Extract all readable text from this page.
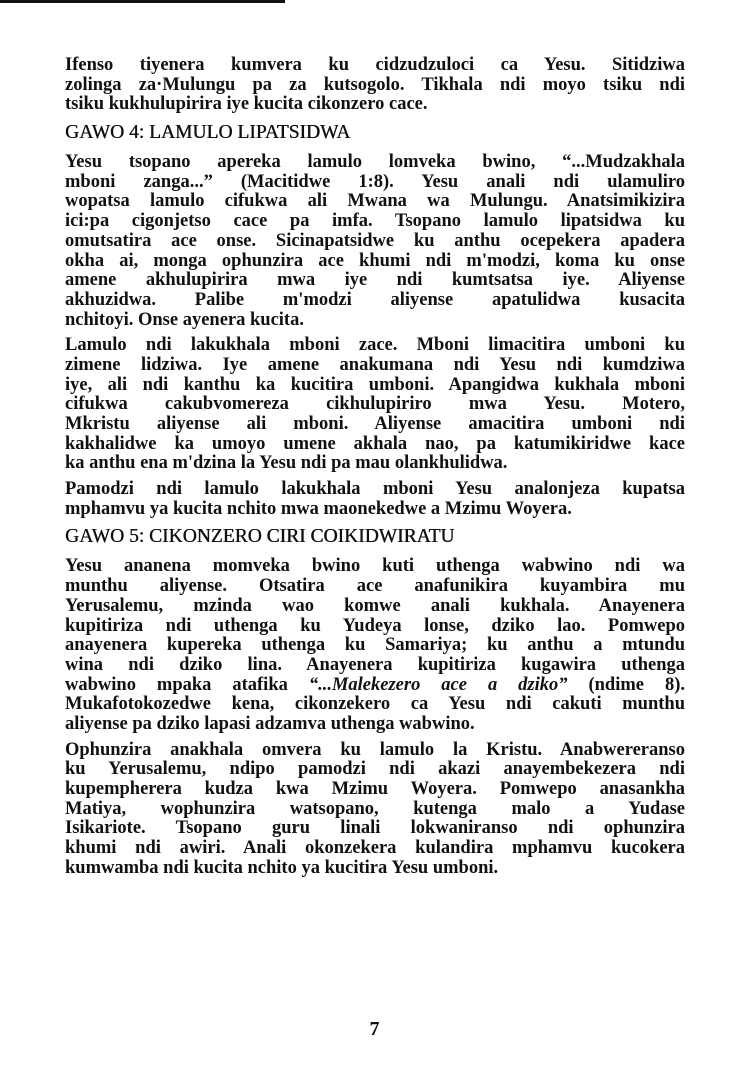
Ifenso tiyenera kumvera ku cidzudzuloci ca Yesu. Sitidziwa
zolinga za·Mulungu pa za kutsogolo. Tikhala ndi moyo tsiku ndi
tsiku kukhulupirira iye kucita cikonzero cace.
GAWO 4: LAMULO LIPATSIDWA
Yesu tsopano apereka lamulo lomveka bwino, “...Mudzakhala
mboni zanga...” (Macitidwe 1:8). Yesu anali ndi ulamuliro
wopatsa lamulo cifukwa ali Mwana wa Mulungu. Anatsimikizira
ici:pa cigonjetso cace pa imfa. Tsopano lamulo lipatsidwa ku
omutsatira ace onse. Sicinapatsidwe ku anthu ocepekera apadera
okha ai, monga ophunzira ace khumi ndi m'modzi, koma ku onse
amene akhulupirira mwa iye ndi kumtsatsa iye. Aliyense
akhuzidwa. Palibe m'modzi aliyense apatulidwa kusacita
nchitoyi. Onse ayenera kucita.
Lamulo ndi lakukhala mboni zace. Mboni limacitira umboni ku
zimene lidziwa. Iye amene anakumana ndi Yesu ndi kumdziwa
iye, ali ndi kanthu ka kucitira umboni. Apangidwa kukhala mboni
cifukwa cakubvomereza cikhulupiriro mwa Yesu. Motero,
Mkristu aliyense ali mboni. Aliyense amacitira umboni ndi
kakhalidwe ka umoyo umene akhala nao, pa katumikiridwe kace
ka anthu ena m'dzina la Yesu ndi pa mau olankhulidwa.
Pamodzi ndi lamulo lakukhala mboni Yesu analonjeza kupatsa
mphamvu ya kucita nchito mwa maonekedwe a Mzimu Woyera.
GAWO 5: CIKONZERO CIRI COIKIDWIRATU
Yesu ananena momveka bwino kuti uthenga wabwino ndi wa
munthu aliyense. Otsatira ace anafunikira kuyambira mu
Yerusalemu, mzinda wao komwe anali kukhala. Anayenera
kupitiriza ndi uthenga ku Yudeya lonse, dziko lao. Pomwepo
anayenera kupereka uthenga ku Samariya; ku anthu a mtundu
wina ndi dziko lina. Anayenera kupitiriza kugawira uthenga
wabwino mpaka atafika “...Malekezero ace a dziko” (ndime 8).
Mukafotokozedwe kena, cikonzekero ca Yesu ndi cakuti munthu
aliyense pa dziko lapasi adzamva uthenga wabwino.
Ophunzira anakhala omvera ku lamulo la Kristu. Anabwereranso
ku Yerusalemu, ndipo pamodzi ndi akazi anayembekezera ndi
kupempherera kudza kwa Mzimu Woyera. Pomwepo anasankha
Matiya, wophunzira watsopano, kutenga malo a Yudase
Isikariote. Tsopano guru linali lokwaniranso ndi ophunzira
khumi ndi awiri. Anali okonzekera kulandira mphamvu kucokera
kumwamba ndi kucita nchito ya kucitira Yesu umboni.
7
